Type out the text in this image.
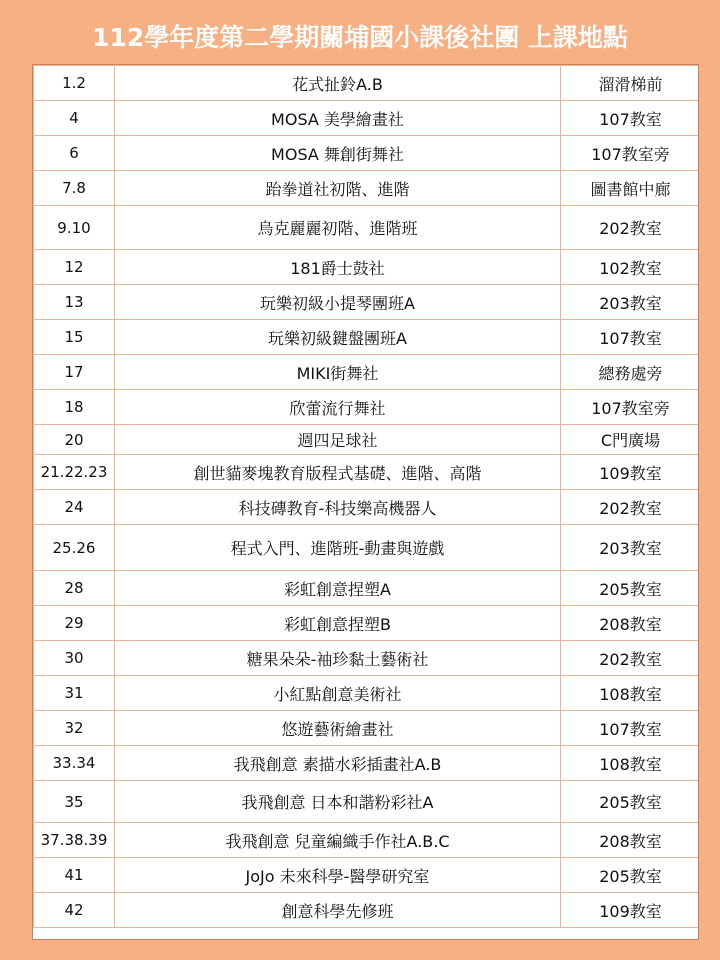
112學年度第二學期關埔國小課後社團 上課地點
1.2	花式扯鈴A.B	溜滑梯前
4	MOSA 美學繪畫社	107教室
6	MOSA 舞創街舞社	107教室旁
7.8	跆拳道社初階、進階	圖書館中廊
9.10	烏克麗麗初階、進階班	202教室
12	181爵士鼓社	102教室
13	玩樂初級小提琴團班A	203教室
15	玩樂初級鍵盤團班A	107教室
17	MIKI街舞社	總務處旁
18	欣蕾流行舞社	107教室旁
20	週四足球社	C門廣場
21.22.23	創世貓麥塊教育版程式基礎、進階、高階	109教室
24	科技磚教育-科技樂高機器人	202教室
25.26	程式入門、進階班-動畫與遊戲	203教室
28	彩虹創意捏塑A	205教室
29	彩虹創意捏塑B	208教室
30	糖果朵朵-袖珍黏土藝術社	202教室
31	小紅點創意美術社	108教室
32	悠遊藝術繪畫社	107教室
33.34	我飛創意 素描水彩插畫社A.B	108教室
35	我飛創意 日本和諧粉彩社A	205教室
37.38.39	我飛創意 兒童編織手作社A.B.C	208教室
41	JoJo 未來科學-醫學研究室	205教室
42	創意科學先修班	109教室
